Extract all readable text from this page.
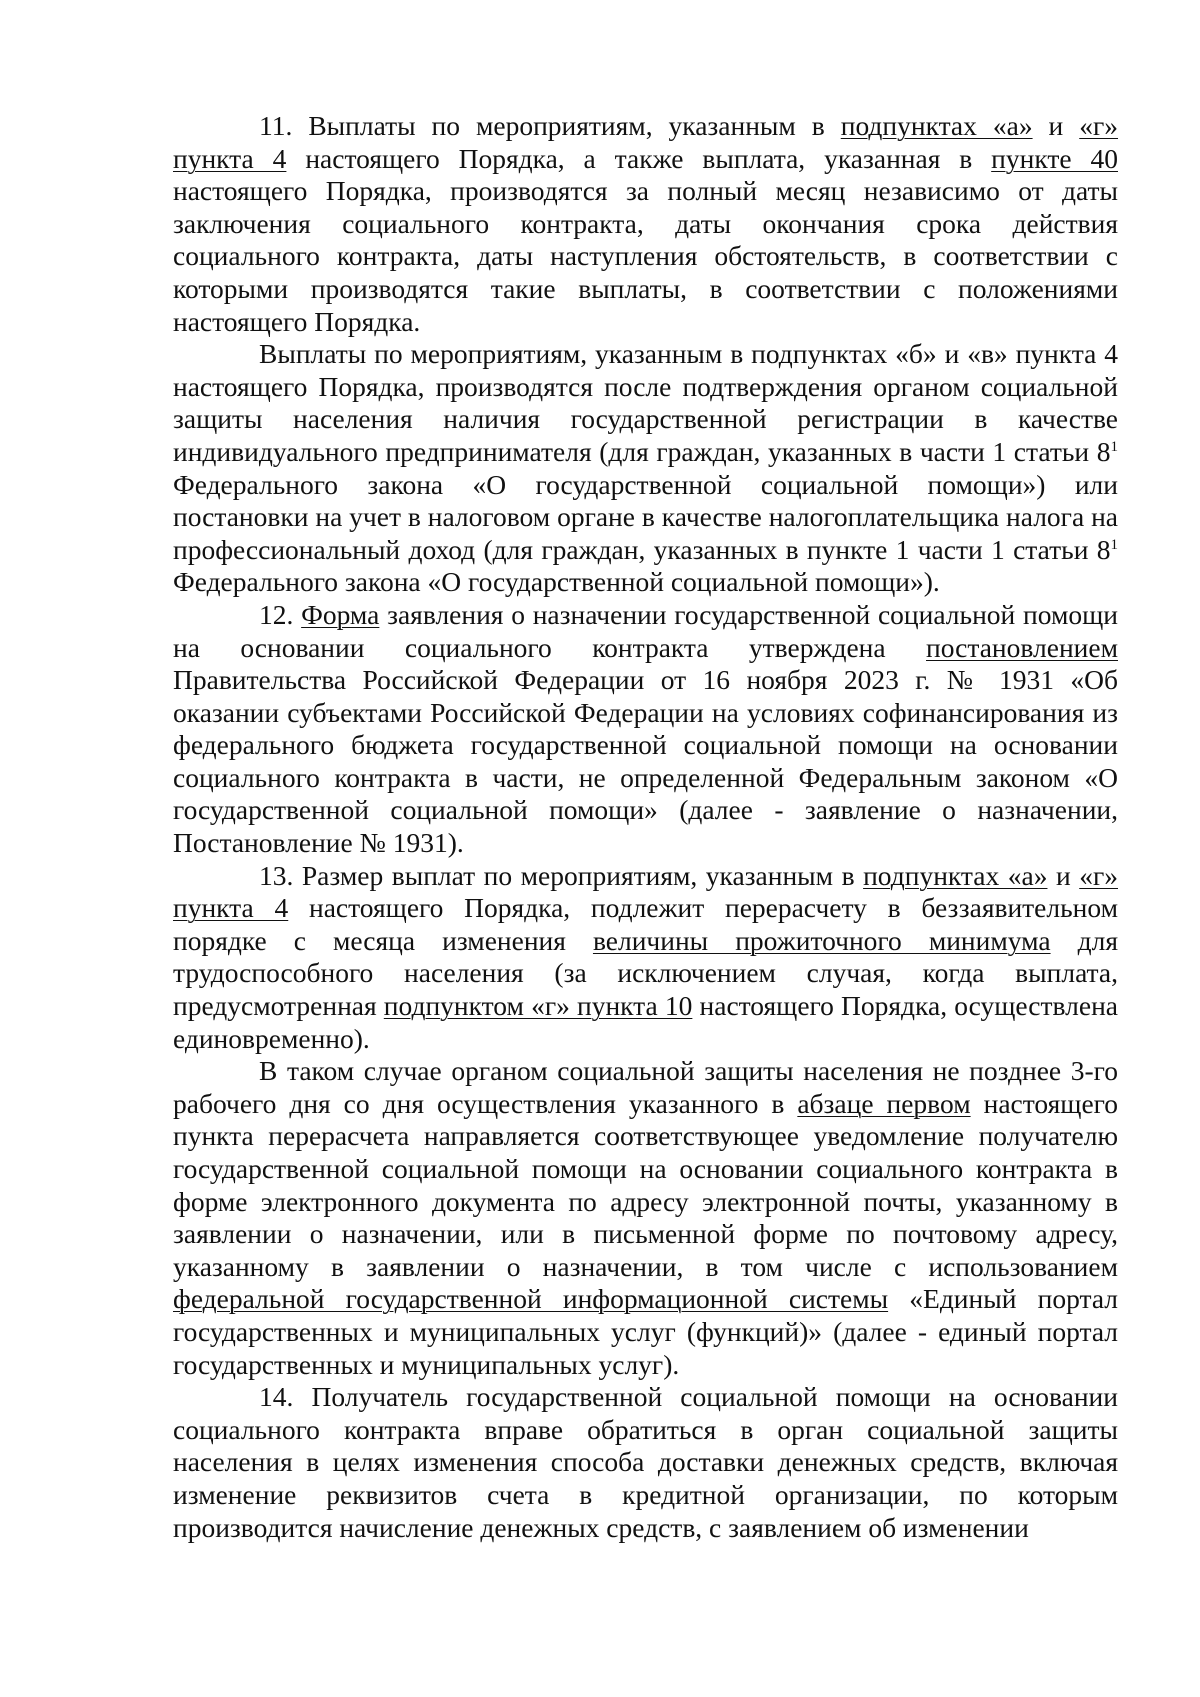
11. Выплаты по мероприятиям, указанным в подпунктах «а» и «г» пункта 4 настоящего Порядка, а также выплата, указанная в пункте 40 настоящего Порядка, производятся за полный месяц независимо от даты заключения социального контракта, даты окончания срока действия социального контракта, даты наступления обстоятельств, в соответствии с которыми производятся такие выплаты, в соответствии с положениями настоящего Порядка.

Выплаты по мероприятиям, указанным в подпунктах «б» и «в» пункта 4 настоящего Порядка, производятся после подтверждения органом социальной защиты населения наличия государственной регистрации в качестве индивидуального предпринимателя (для граждан, указанных в части 1 статьи $8^1$ Федерального закона «О государственной социальной помощи») или постановки на учет в налоговом органе в качестве налогоплательщика налога на профессиональный доход (для граждан, указанных в пункте 1 части 1 статьи $8^1$ Федерального закона «О государственной социальной помощи»).

12. Форма заявления о назначении государственной социальной помощи на основании социального контракта утверждена постановлением Правительства Российской Федерации от 16 ноября 2023 г. № 1931 «Об оказании субъектами Российской Федерации на условиях софинансирования из федерального бюджета государственной социальной помощи на основании социального контракта в части, не определенной Федеральным законом «О государственной социальной помощи» (далее - заявление о назначении, Постановление № 1931).

13. Размер выплат по мероприятиям, указанным в подпунктах «а» и «г» пункта 4 настоящего Порядка, подлежит перерасчету в беззаявительном порядке с месяца изменения величины прожиточного минимума для трудоспособного населения (за исключением случая, когда выплата, предусмотренная подпунктом «г» пункта 10 настоящего Порядка, осуществлена единовременно).

В таком случае органом социальной защиты населения не позднее 3-го рабочего дня со дня осуществления указанного в абзаце первом настоящего пункта перерасчета направляется соответствующее уведомление получателю государственной социальной помощи на основании социального контракта в форме электронного документа по адресу электронной почты, указанному в заявлении о назначении, или в письменной форме по почтовому адресу, указанному в заявлении о назначении, в том числе с использованием федеральной государственной информационной системы «Единый портал государственных и муниципальных услуг (функций)» (далее - единый портал государственных и муниципальных услуг).

14. Получатель государственной социальной помощи на основании социального контракта вправе обратиться в орган социальной защиты населения в целях изменения способа доставки денежных средств, включая изменение реквизитов счета в кредитной организации, по которым производится начисление денежных средств, с заявлением об изменении
